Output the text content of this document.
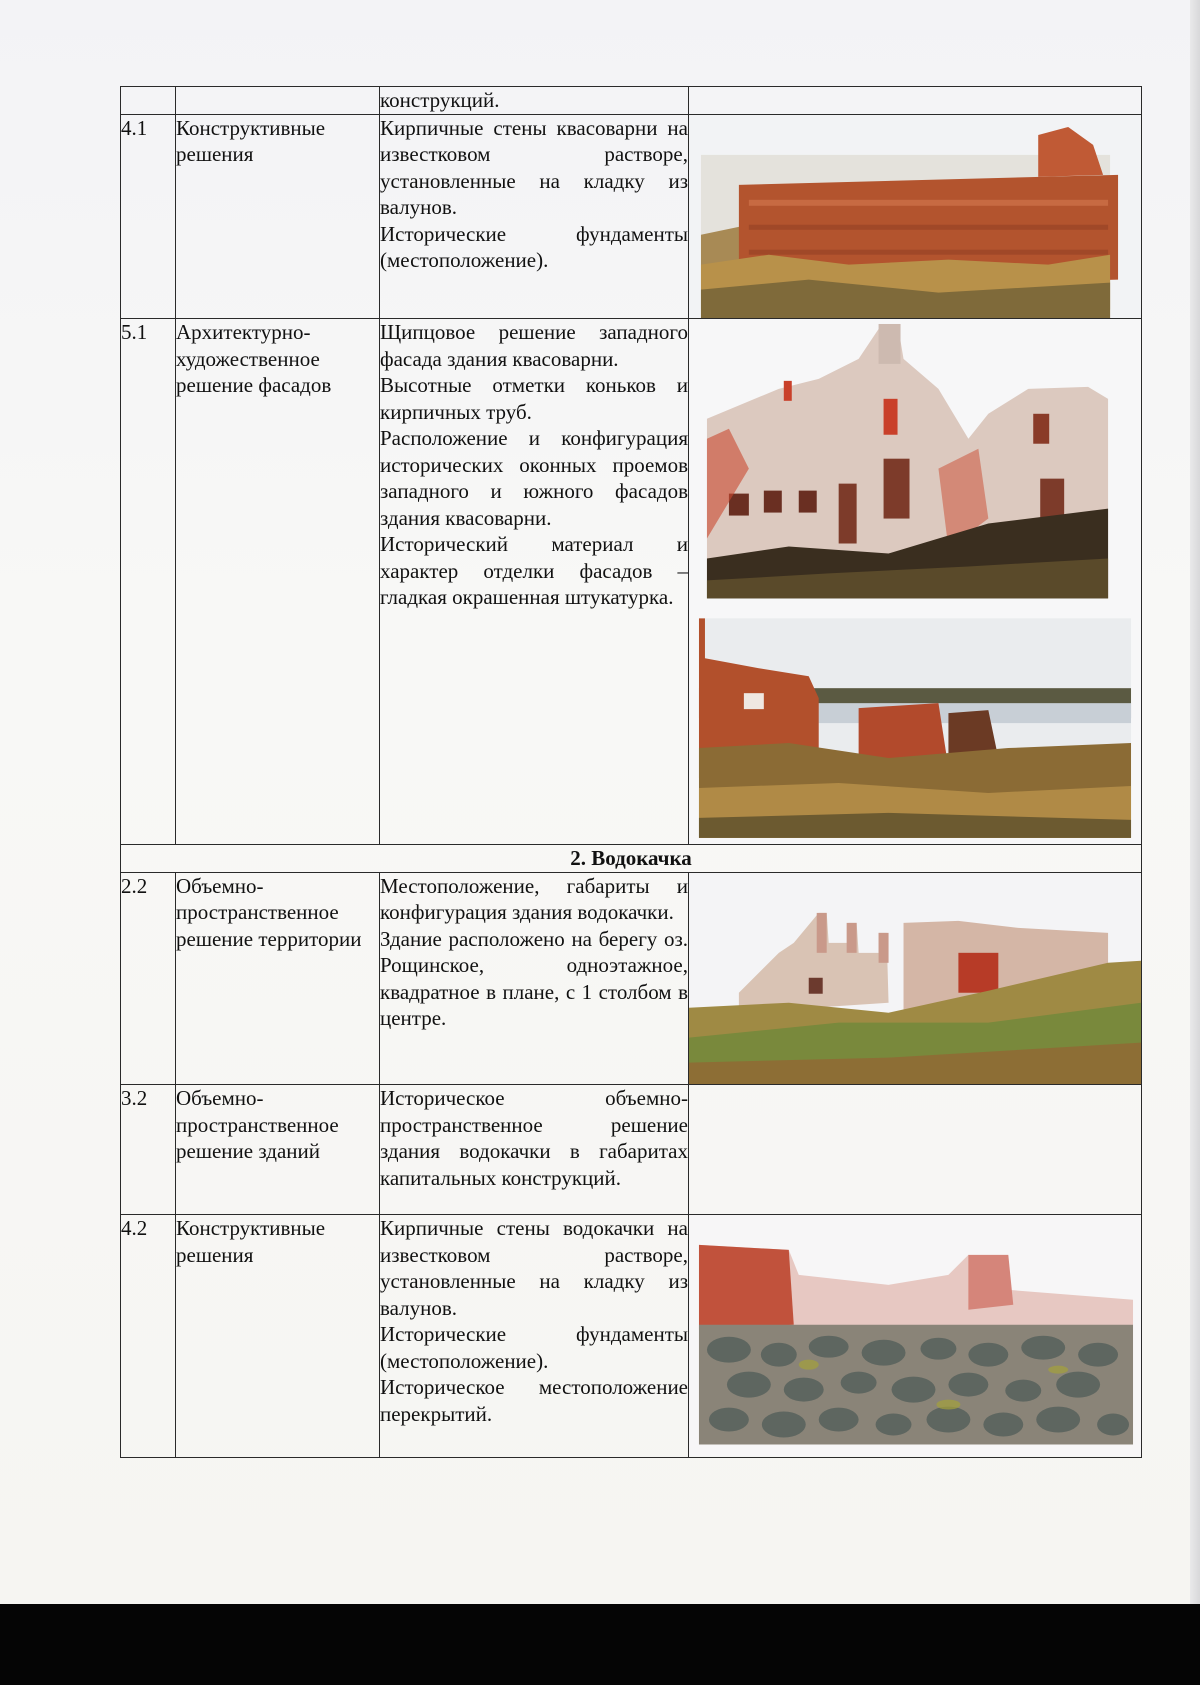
		конструкций.	

4.1	Конструктивные решения	Кирпичные стены квасоварни на известковом растворе, установленные на кладку из валунов.

Исторические фундаменты (местоположение).

5.1	Архитектурно-художественное решение фасадов	Щипцовое решение западного фасада здания квасоварни.

Высотные отметки коньков и кирпичных труб.

Расположение и конфигурация исторических оконных проемов западного и южного фасадов здания квасоварни.

Исторический материал и характер отделки фасадов – гладкая окрашенная штукатурка.

2. Водокачка			
2.2	Объемно-пространственное решение территории	Местоположение, габариты и конфигурация здания водокачки.

Здание расположено на берегу оз. Рощинское, одноэтажное, квадратное в плане, с 1 столбом в центре.

3.2	Объемно-пространственное решение зданий	Историческое объемно-пространственное решение здания водокачки в габаритах капитальных конструкций.	

4.2	Конструктивные решения	Кирпичные стены водокачки на известковом растворе, установленные на кладку из валунов.

Исторические фундаменты (местоположение).

Историческое местоположение перекрытий.
